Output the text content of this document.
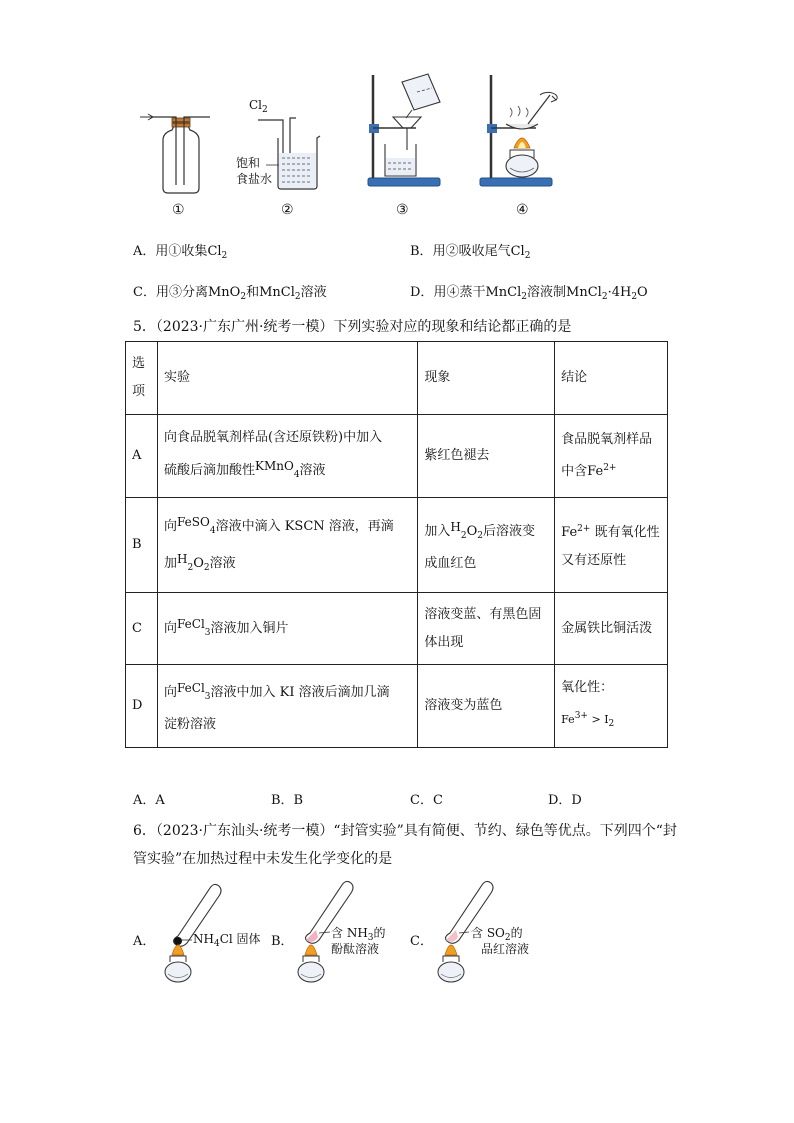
$Cl_2$
饱和
食盐水
①	②	③	④
A．用①收集$Cl_2$	B．用②吸收尾气$Cl_2$
C．用③分离MnO$_2$和MnCl$_2$溶液	D．用④蒸干MnCl$_2$溶液制$MnCl_2\cdot 4H_2O$
5．（2023·广东广州·统考一模）下列实验对应的现象和结论都正确的是
选
项	实验	现象	结论
A	向食品脱氧剂样品(含还原铁粉)中加入
硫酸后滴加酸性$^{KMnO}_4$溶液	紫红色褪去	食品脱氧剂样品
中含$Fe^{2+}$
B	向$^{FeSO}_4$溶液中滴入 KSCN 溶液，再滴
加$^H_2O_2$溶液	加入$^H_2O_2$后溶液变
成血红色	$Fe^{2+}$ 既有氧化性
又有还原性
C	向$^{FeCl}_3$溶液加入铜片	溶液变蓝、有黑色固
体出现	金属铁比铜活泼
D	向$^{FeCl}_3$溶液中加入 KI 溶液后滴加几滴
淀粉溶液	溶液变为蓝色	氧化性：
$Fe^{3+} > I_2$
A．A	B．B	C．C	D．D
6．（2023·广东汕头·统考一模）“封管实验”具有简便、节约、绿色等优点。下列四个“封
管实验”在加热过程中未发生化学变化的是
A．	$NH_4Cl$ 固体 B．
含 $NH_3$的
酚酞溶液 C．
含 $SO_2$的
品红溶液
